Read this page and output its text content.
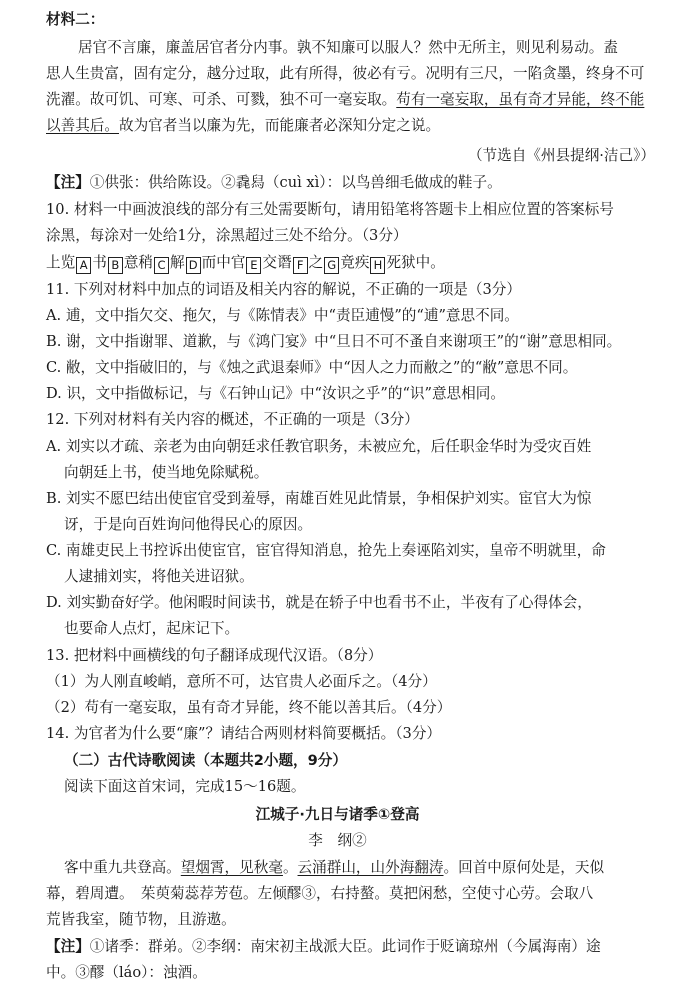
材料二：
居官不言廉，廉盖居官者分内事。孰不知廉可以服人？然中无所主，则见利易动。盍
思人生贵富，固有定分，越分过取，此有所得，彼必有亏。况明有三尺，一陷贪墨，终身不可
洗濯。故可饥、可寒、可杀、可戮，独不可一毫妄取。苟有一毫妄取，虽有奇才异能，终不能
以善其后。故为官者当以廉为先，而能廉者必深知分定之说。
（节选自《州县提纲·洁己》）
【注】①供张：供给陈设。②毳舄（cuì xì）：以鸟兽细毛做成的鞋子。
10. 材料一中画波浪线的部分有三处需要断句，请用铅笔将答题卡上相应位置的答案标号
涂黑，每涂对一处给1分，涂黑超过三处不给分。（3分）
上览 A 书 B 意稍 C 解 D 而中官 E 交谮 F 之 G 竟疾 H 死狱中。
11. 下列对材料中加点的词语及相关内容的解说，不正确的一项是（3分）
A. 逋，文中指欠交、拖欠，与《陈情表》中“责臣逋慢”的“逋”意思不同。
B. 谢，文中指谢罪、道歉，与《鸿门宴》中“旦日不可不蚤自来谢项王”的“谢”意思相同。
C. 敝，文中指破旧的，与《烛之武退秦师》中“因人之力而敝之”的“敝”意思不同。
D. 识，文中指做标记，与《石钟山记》中“汝识之乎”的“识”意思相同。
12. 下列对材料有关内容的概述，不正确的一项是（3分）
A. 刘实以才疏、亲老为由向朝廷求任教官职务，未被应允，后任职金华时为受灾百姓
向朝廷上书，使当地免除赋税。
B. 刘实不愿巴结出使宦官受到羞辱，南雄百姓见此情景，争相保护刘实。宦官大为惊
讶，于是向百姓询问他得民心的原因。
C. 南雄吏民上书控诉出使宦官，宦官得知消息，抢先上奏诬陷刘实，皇帝不明就里，命
人逮捕刘实，将他关进诏狱。
D. 刘实勤奋好学。他闲暇时间读书，就是在轿子中也看书不止，半夜有了心得体会，
也要命人点灯，起床记下。
13. 把材料中画横线的句子翻译成现代汉语。（8分）
（1）为人刚直峻峭，意所不可，达官贵人必面斥之。（4分）
（2）苟有一毫妄取，虽有奇才异能，终不能以善其后。（4分）
14. 为官者为什么要“廉”？请结合两则材料简要概括。（3分）
（二）古代诗歌阅读（本题共2小题，9分）
阅读下面这首宋词，完成15～16题。
江城子·九日与诸季①登高
李　纲②
客中重九共登高。望烟霄，见秋毫。云涌群山，山外海翻涛。回首中原何处是，天似
幕，碧周遭。　茱萸菊蕊荐芳苞。左倾醪③，右持螯。莫把闲愁，空使寸心劳。会取八
荒皆我室，随节物，且游遨。
【注】①诸季：群弟。②李纲：南宋初主战派大臣。此词作于贬谪琼州（今属海南）途
中。③醪（láo）：浊酒。
